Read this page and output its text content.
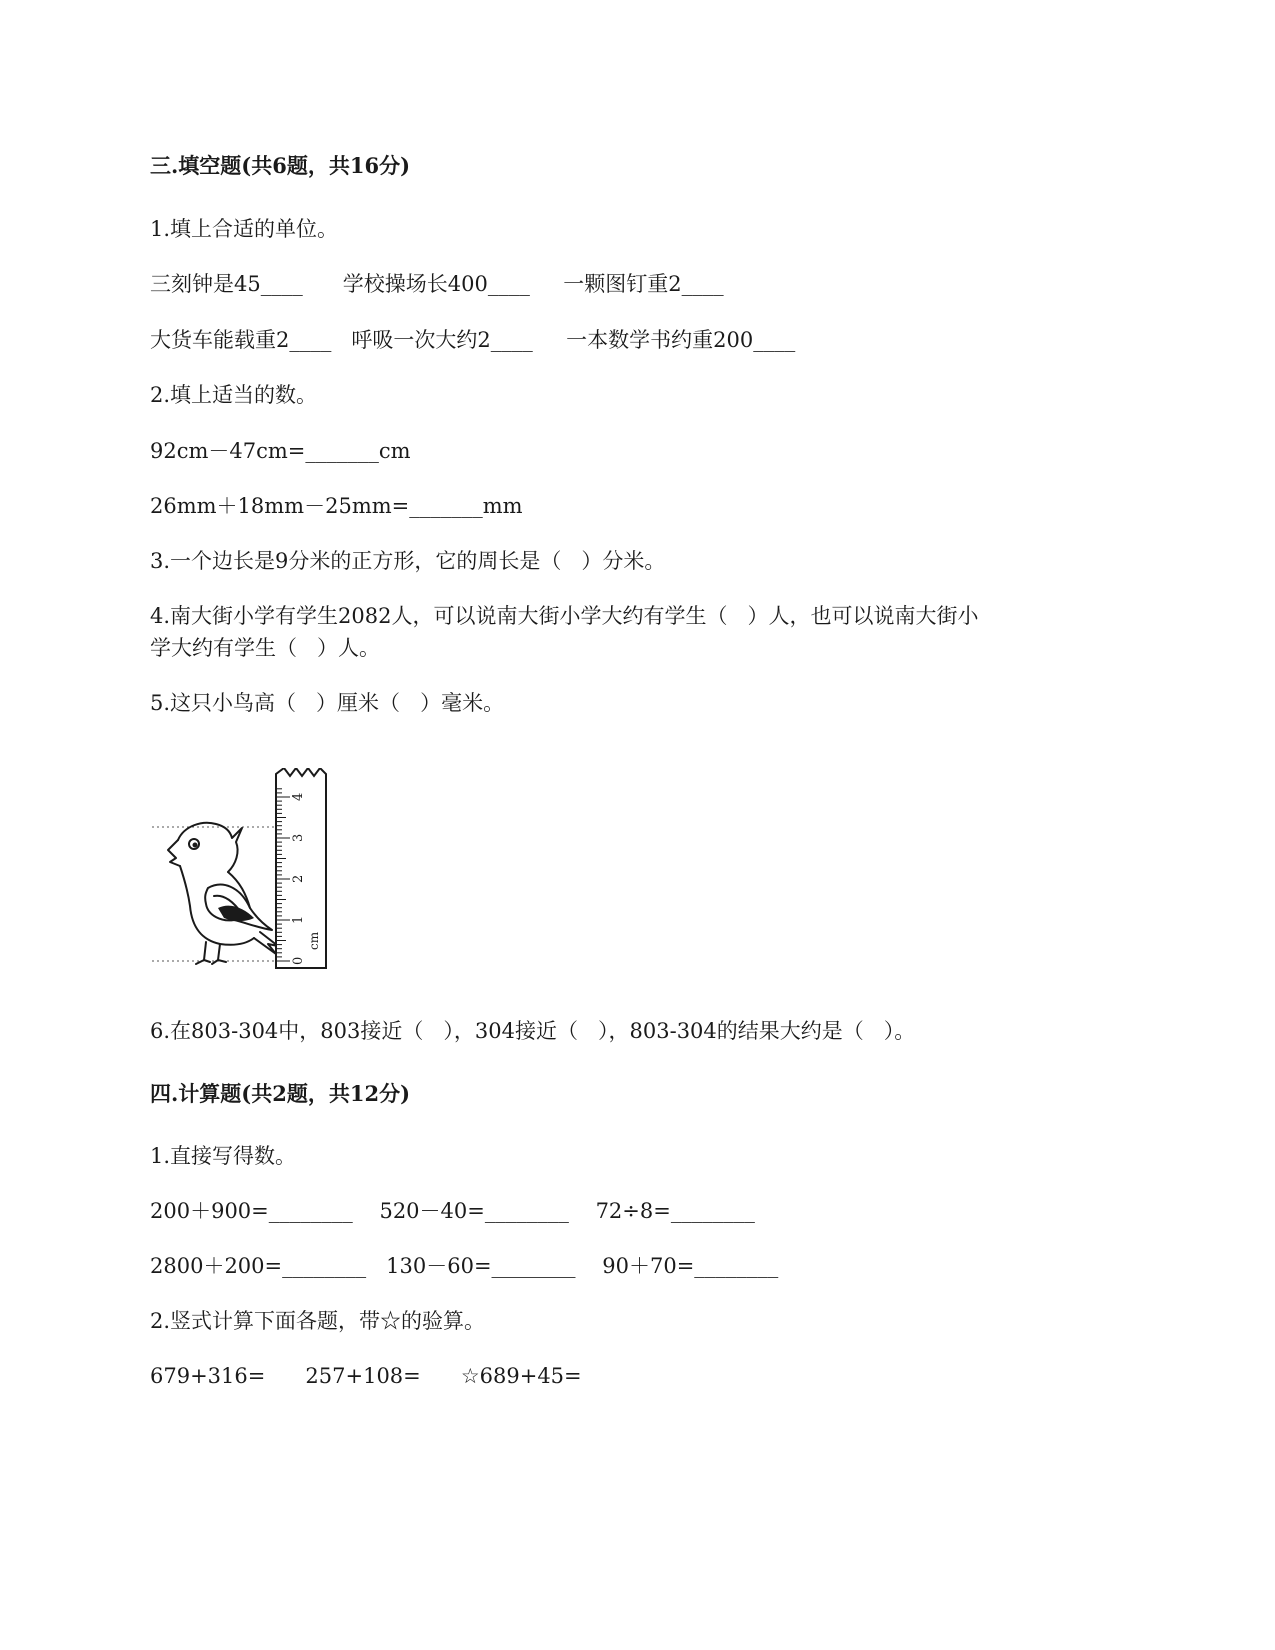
三.填空题(共6题，共16分)
1.填上合适的单位。
三刻钟是45____      学校操场长400____     一颗图钉重2____
大货车能载重2____   呼吸一次大约2____     一本数学书约重200____
2.填上适当的数。
92cm－47cm=_______cm
26mm＋18mm－25mm=_______mm
3.一个边长是9分米的正方形，它的周长是（   ）分米。
4.南大街小学有学生2082人，可以说南大街小学大约有学生（   ）人，也可以说南大街小
学大约有学生（   ）人。
5.这只小鸟高（   ）厘米（   ）毫米。
0
1
2
3
4
cm
6.在803-304中，803接近（   ），304接近（   ），803-304的结果大约是（   ）。
四.计算题(共2题，共12分)
1.直接写得数。
200＋900=________    520－40=________    72÷8=________
2800＋200=________   130－60=________    90＋70=________
2.竖式计算下面各题，带☆的验算。
679+316=      257+108=      ☆689+45=
